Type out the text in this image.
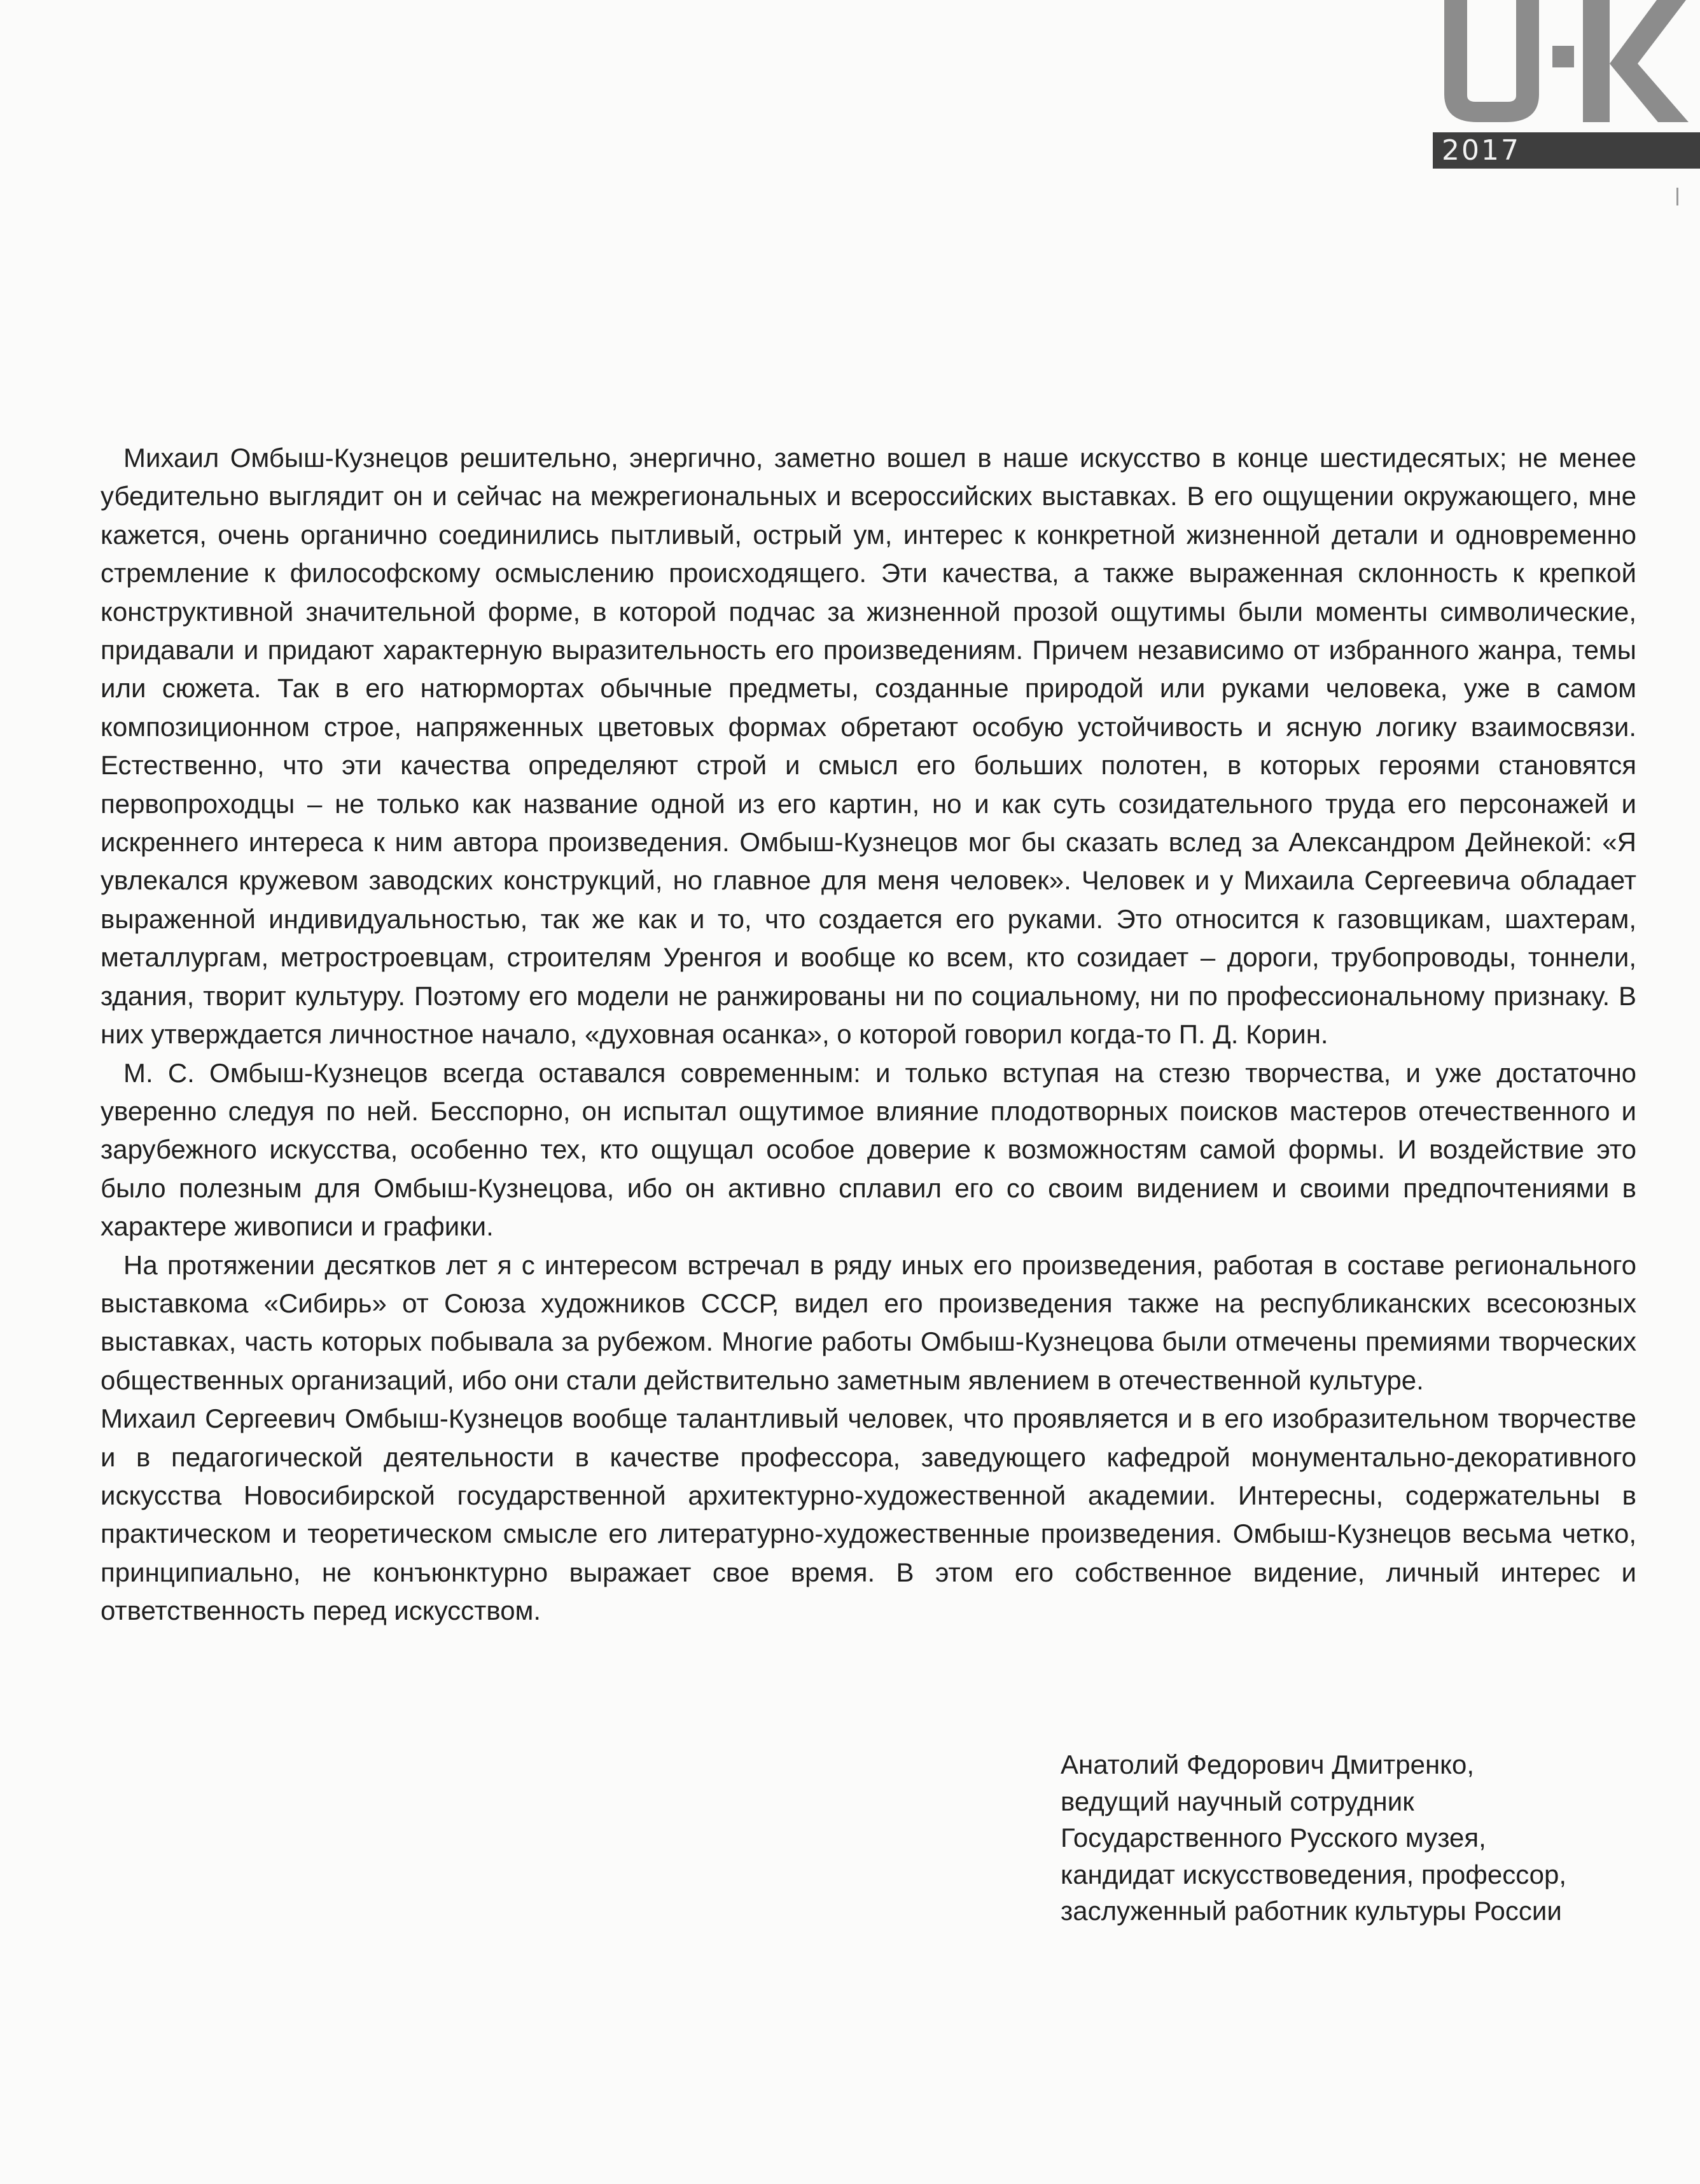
2017

Михаил Омбыш-Кузнецов решительно, энергично, заметно вошел в наше искусство в конце шестидесятых; не менее убедительно выглядит он и сейчас на межрегиональных и всероссийских выставках. В его ощущении окружающего, мне кажется, очень органично соединились пытливый, острый ум, интерес к конкретной жизненной детали и одновременно стремление к философскому осмыслению происходящего. Эти качества, а также выраженная склонность к крепкой конструктивной значительной форме, в которой подчас за жизненной прозой ощутимы были моменты символические, придавали и придают характерную выразительность его произведениям. Причем независимо от избранного жанра, темы или сюжета. Так в его натюрмортах обычные предметы, созданные природой или руками человека, уже в самом композиционном строе, напряженных цветовых формах обретают особую устойчивость и ясную логику взаимосвязи. Естественно, что эти качества определяют строй и смысл его больших полотен, в которых героями становятся первопроходцы – не только как название одной из его картин, но и как суть созидательного труда его персонажей и искреннего интереса к ним автора произведения. Омбыш-Кузнецов мог бы сказать вслед за Александром Дейнекой: «Я увлекался кружевом заводских конструкций, но главное для меня человек». Человек и у Михаила Сергеевича обладает выраженной индивидуальностью, так же как и то, что создается его руками. Это относится к газовщикам, шахтерам, металлургам, метростроевцам, строителям Уренгоя и вообще ко всем, кто созидает – дороги, трубопроводы, тоннели, здания, творит культуру. Поэтому его модели не ранжированы ни по социальному, ни по профессиональному признаку. В них утверждается личностное начало, «духовная осанка», о которой говорил когда-то П. Д. Корин.

М. С. Омбыш-Кузнецов всегда оставался современным: и только вступая на стезю творчества, и уже достаточно уверенно следуя по ней. Бесспорно, он испытал ощутимое влияние плодотворных поисков мастеров отечественного и зарубежного искусства, особенно тех, кто ощущал особое доверие к возможностям самой формы. И воздействие это было полезным для Омбыш-Кузнецова, ибо он активно сплавил его со своим видением и своими предпочтениями в характере живописи и графики.

На протяжении десятков лет я с интересом встречал в ряду иных его произведения, работая в составе регионального выставкома «Сибирь» от Союза художников СССР, видел его произведения также на республиканских всесоюзных выставках, часть которых побывала за рубежом. Многие работы Омбыш-Кузнецова были отмечены премиями творческих общественных организаций, ибо они стали действительно заметным явлением в отечественной культуре.

Михаил Сергеевич Омбыш-Кузнецов вообще талантливый человек, что проявляется и в его изобразительном творчестве и в педагогической деятельности в качестве профессора, заведующего кафедрой монументально-декоративного искусства Новосибирской государственной архитектурно-художественной академии. Интересны, содержательны в практическом и теоретическом смысле его литературно-художественные произведения. Омбыш-Кузнецов весьма четко, принципиально, не конъюнктурно выражает свое время. В этом его собственное видение, личный интерес и ответственность перед искусством.

Анатолий Федорович Дмитренко,
ведущий научный сотрудник
Государственного Русского музея,
кандидат искусствоведения, профессор,
заслуженный работник культуры России
